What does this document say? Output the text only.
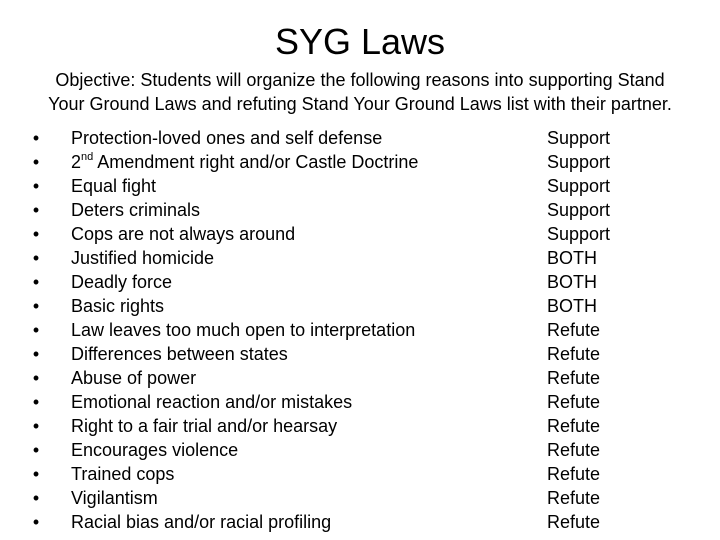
SYG Laws
Objective: Students will organize the following reasons into supporting Stand
Your Ground Laws and refuting Stand Your Ground Laws list with their partner.
• Protection-loved ones and self defense	Support
• 2nd Amendment right and/or Castle Doctrine	Support
• Equal fight	Support
• Deters criminals	Support
• Cops are not always around	Support
• Justified homicide	BOTH
• Deadly force	BOTH
• Basic rights	BOTH
• Law leaves too much open to interpretation	Refute
• Differences between states	Refute
• Abuse of power	Refute
• Emotional reaction and/or mistakes	Refute
• Right to a fair trial and/or hearsay	Refute
• Encourages violence	Refute
• Trained cops	Refute
• Vigilantism	Refute
• Racial bias and/or racial profiling	Refute
